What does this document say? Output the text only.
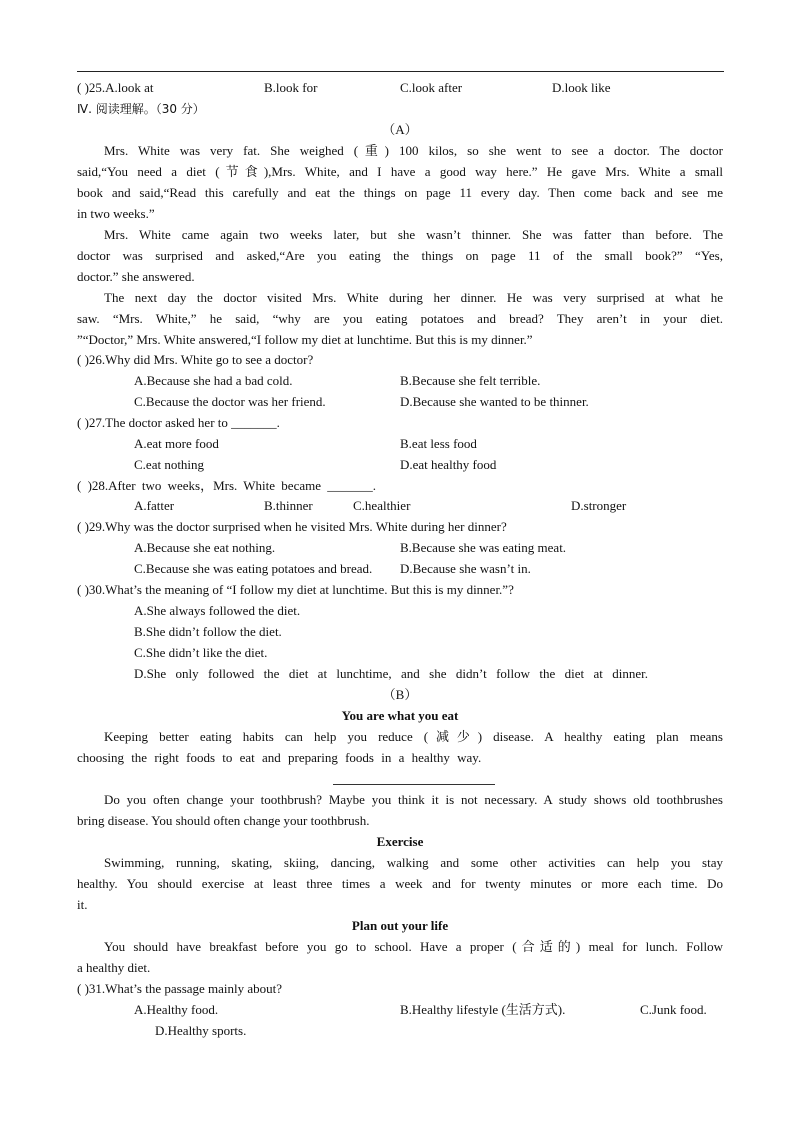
( )25.A.look at	B.look for	C.look after	D.look like
Ⅳ. 阅读理解。（30 分）
（A）
Mrs. White was very fat. She weighed (重) 100 kilos, so she went to see a doctor. The doctor
said,“You need a diet (节食),Mrs. White, and I have a good way here.” He gave Mrs. White a small
book and said,“Read this carefully and eat the things on page 11 every day. Then come back and see me
in two weeks.”
Mrs. White came again two weeks later, but she wasn’t thinner. She was fatter than before. The
doctor was surprised and asked,“Are you eating the things on page 11 of the small book?” “Yes,
doctor.” she answered.
The next day the doctor visited Mrs. White during her dinner. He was very surprised at what he
saw. “Mrs. White,” he said, “why are you eating potatoes and bread? They aren’t in your diet.
”“Doctor,” Mrs. White answered,“I follow my diet at lunchtime. But this is my dinner.”
( )26.Why did Mrs. White go to see a doctor?
A.Because she had a bad cold.	B.Because she felt terrible.
C.Because the doctor was her friend.	D.Because she wanted to be thinner.
( )27.The doctor asked her to _______.
A.eat more food	B.eat less food
C.eat nothing	D.eat healthy food
( )28.After two weeks，Mrs. White became _______.
A.fatter	B.thinner	C.healthier	D.stronger
( )29.Why was the doctor surprised when he visited Mrs. White during her dinner?
A.Because she eat nothing.	B.Because she was eating meat.
C.Because she was eating potatoes and bread. D.Because she wasn’t in.
( )30.What’s the meaning of “I follow my diet at lunchtime. But this is my dinner.”?
A.She always followed the diet.
B.She didn’t follow the diet.
C.She didn’t like the diet.
D.She only followed the diet at lunchtime, and she didn’t follow the diet at dinner.
（B）
You are what you eat
Keeping better eating habits can help you reduce (减少) disease. A healthy eating plan means
choosing the right foods to eat and preparing foods in a healthy way.
Do you often change your toothbrush? Maybe you think it is not necessary. A study shows old toothbrushes
bring disease. You should often change your toothbrush.
Exercise
Swimming, running, skating, skiing, dancing, walking and some other activities can help you stay
healthy. You should exercise at least three times a week and for twenty minutes or more each time. Do
it.
Plan out your life
You should have breakfast before you go to school. Have a proper (合适的) meal for lunch. Follow
a healthy diet.
( )31.What’s the passage mainly about?
A.Healthy food.	B.Healthy lifestyle (生活方式).	C.Junk food.
D.Healthy sports.
